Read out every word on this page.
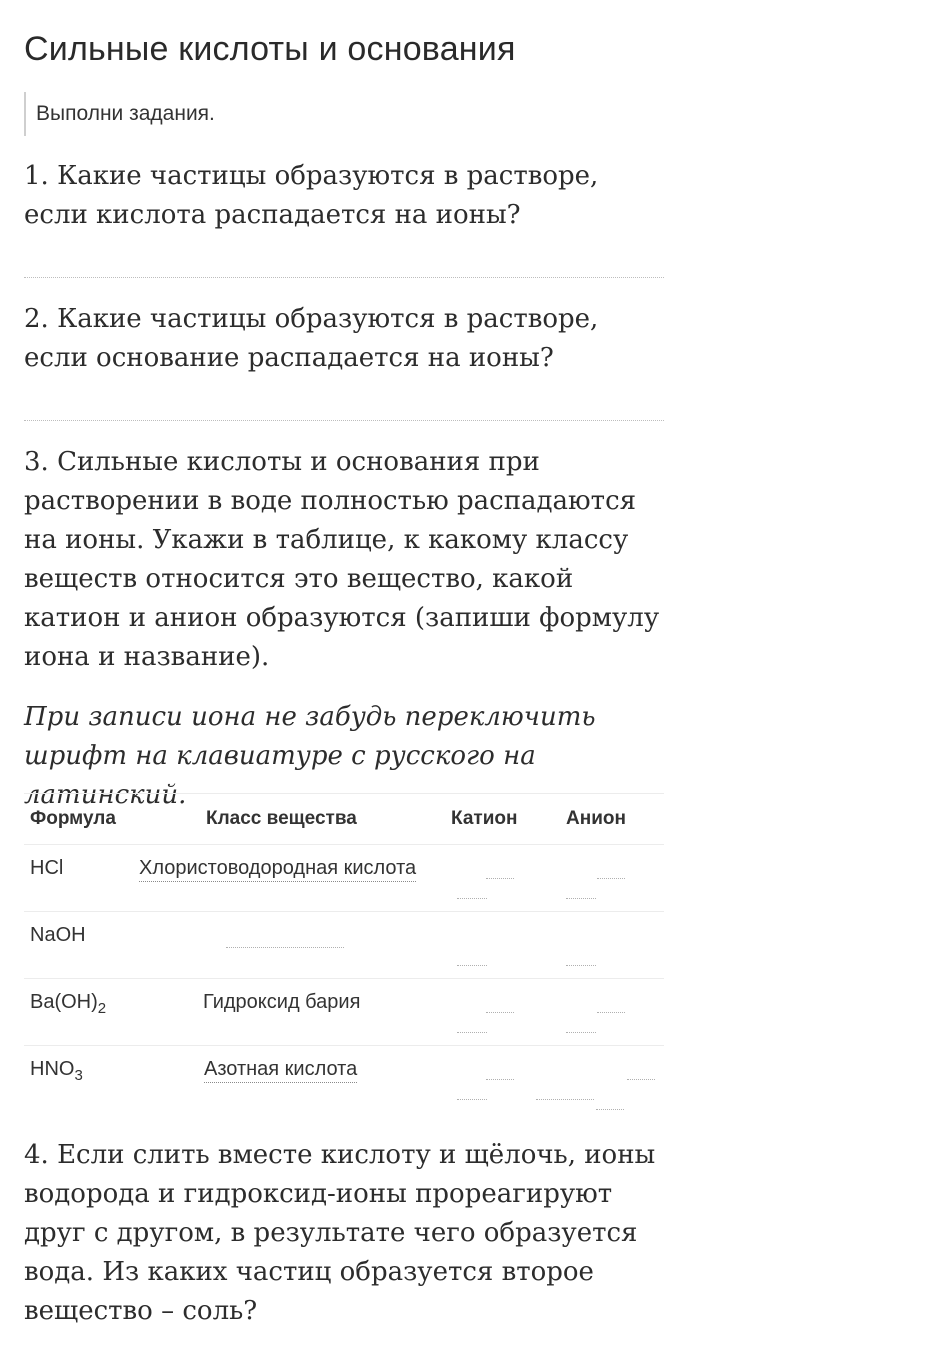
Сильные кислоты и основания
Выполни задания.

1. Какие частицы образуются в растворе, если кислота распадается на ионы?

2. Какие частицы образуются в растворе, если основание распадается на ионы?

3. Сильные кислоты и основания при растворении в воде полностью распадаются на ионы. Укажи в таблице, к какому классу веществ относится это вещество, какой катион и анион образуются (запиши формулу иона и название).

При записи иона не забудь переключить шрифт на клавиатуре с русского на латинский.

Формула	Класс вещества	Катион	Анион
HCl	Хлористоводородная кислота
NaOH
$Ba(OH)_2$	Гидроксид бария
$HNO_3$	Азотная кислота

4. Если слить вместе кислоту и щёлочь, ионы водорода и гидроксид-ионы прореагируют друг с другом, в результате чего образуется вода. Из каких частиц образуется второе вещество – соль?
